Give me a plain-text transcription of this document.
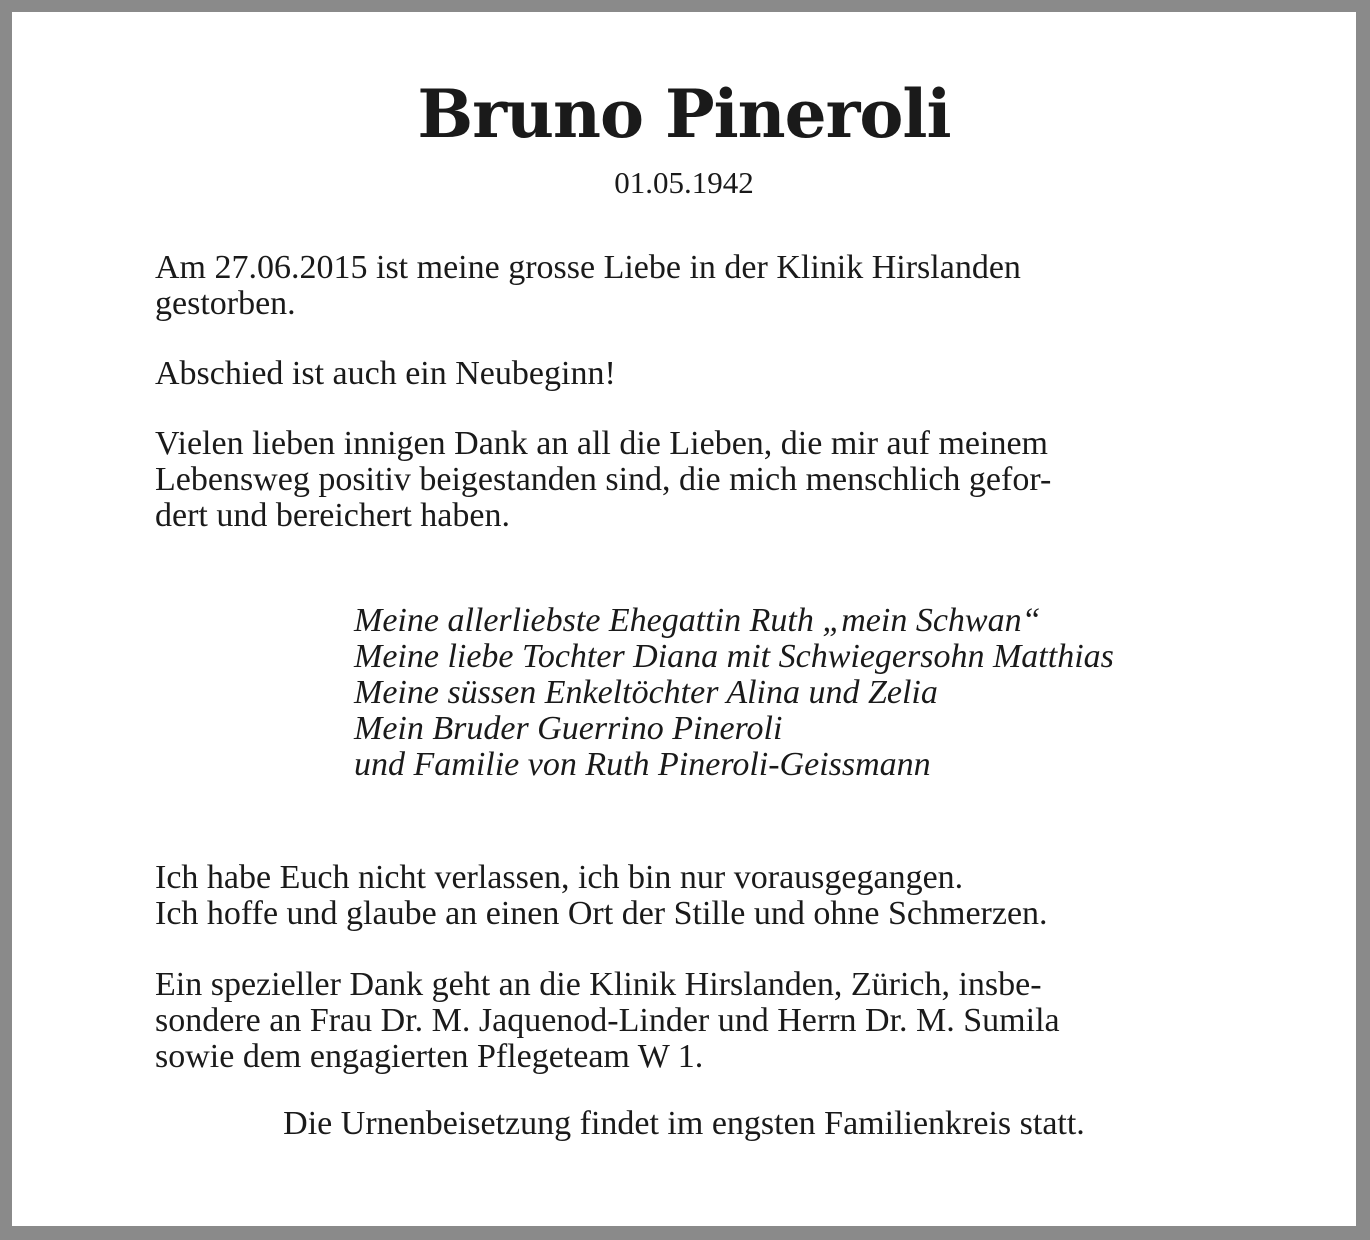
Bruno Pineroli
01.05.1942

Am 27.06.2015 ist meine grosse Liebe in der Klinik Hirslanden
gestorben.

Abschied ist auch ein Neubeginn!

Vielen lieben innigen Dank an all die Lieben, die mir auf meinem
Lebensweg positiv beigestanden sind, die mich menschlich gefor-
dert und bereichert haben.

Meine allerliebste Ehegattin Ruth „mein Schwan“
Meine liebe Tochter Diana mit Schwiegersohn Matthias
Meine süssen Enkeltöchter Alina und Zelia
Mein Bruder Guerrino Pineroli
und Familie von Ruth Pineroli-Geissmann

Ich habe Euch nicht verlassen, ich bin nur vorausgegangen.
Ich hoffe und glaube an einen Ort der Stille und ohne Schmerzen.

Ein spezieller Dank geht an die Klinik Hirslanden, Zürich, insbe-
sondere an Frau Dr. M. Jaquenod-Linder und Herrn Dr. M. Sumila
sowie dem engagierten Pflegeteam W 1.

Die Urnenbeisetzung findet im engsten Familienkreis statt.
